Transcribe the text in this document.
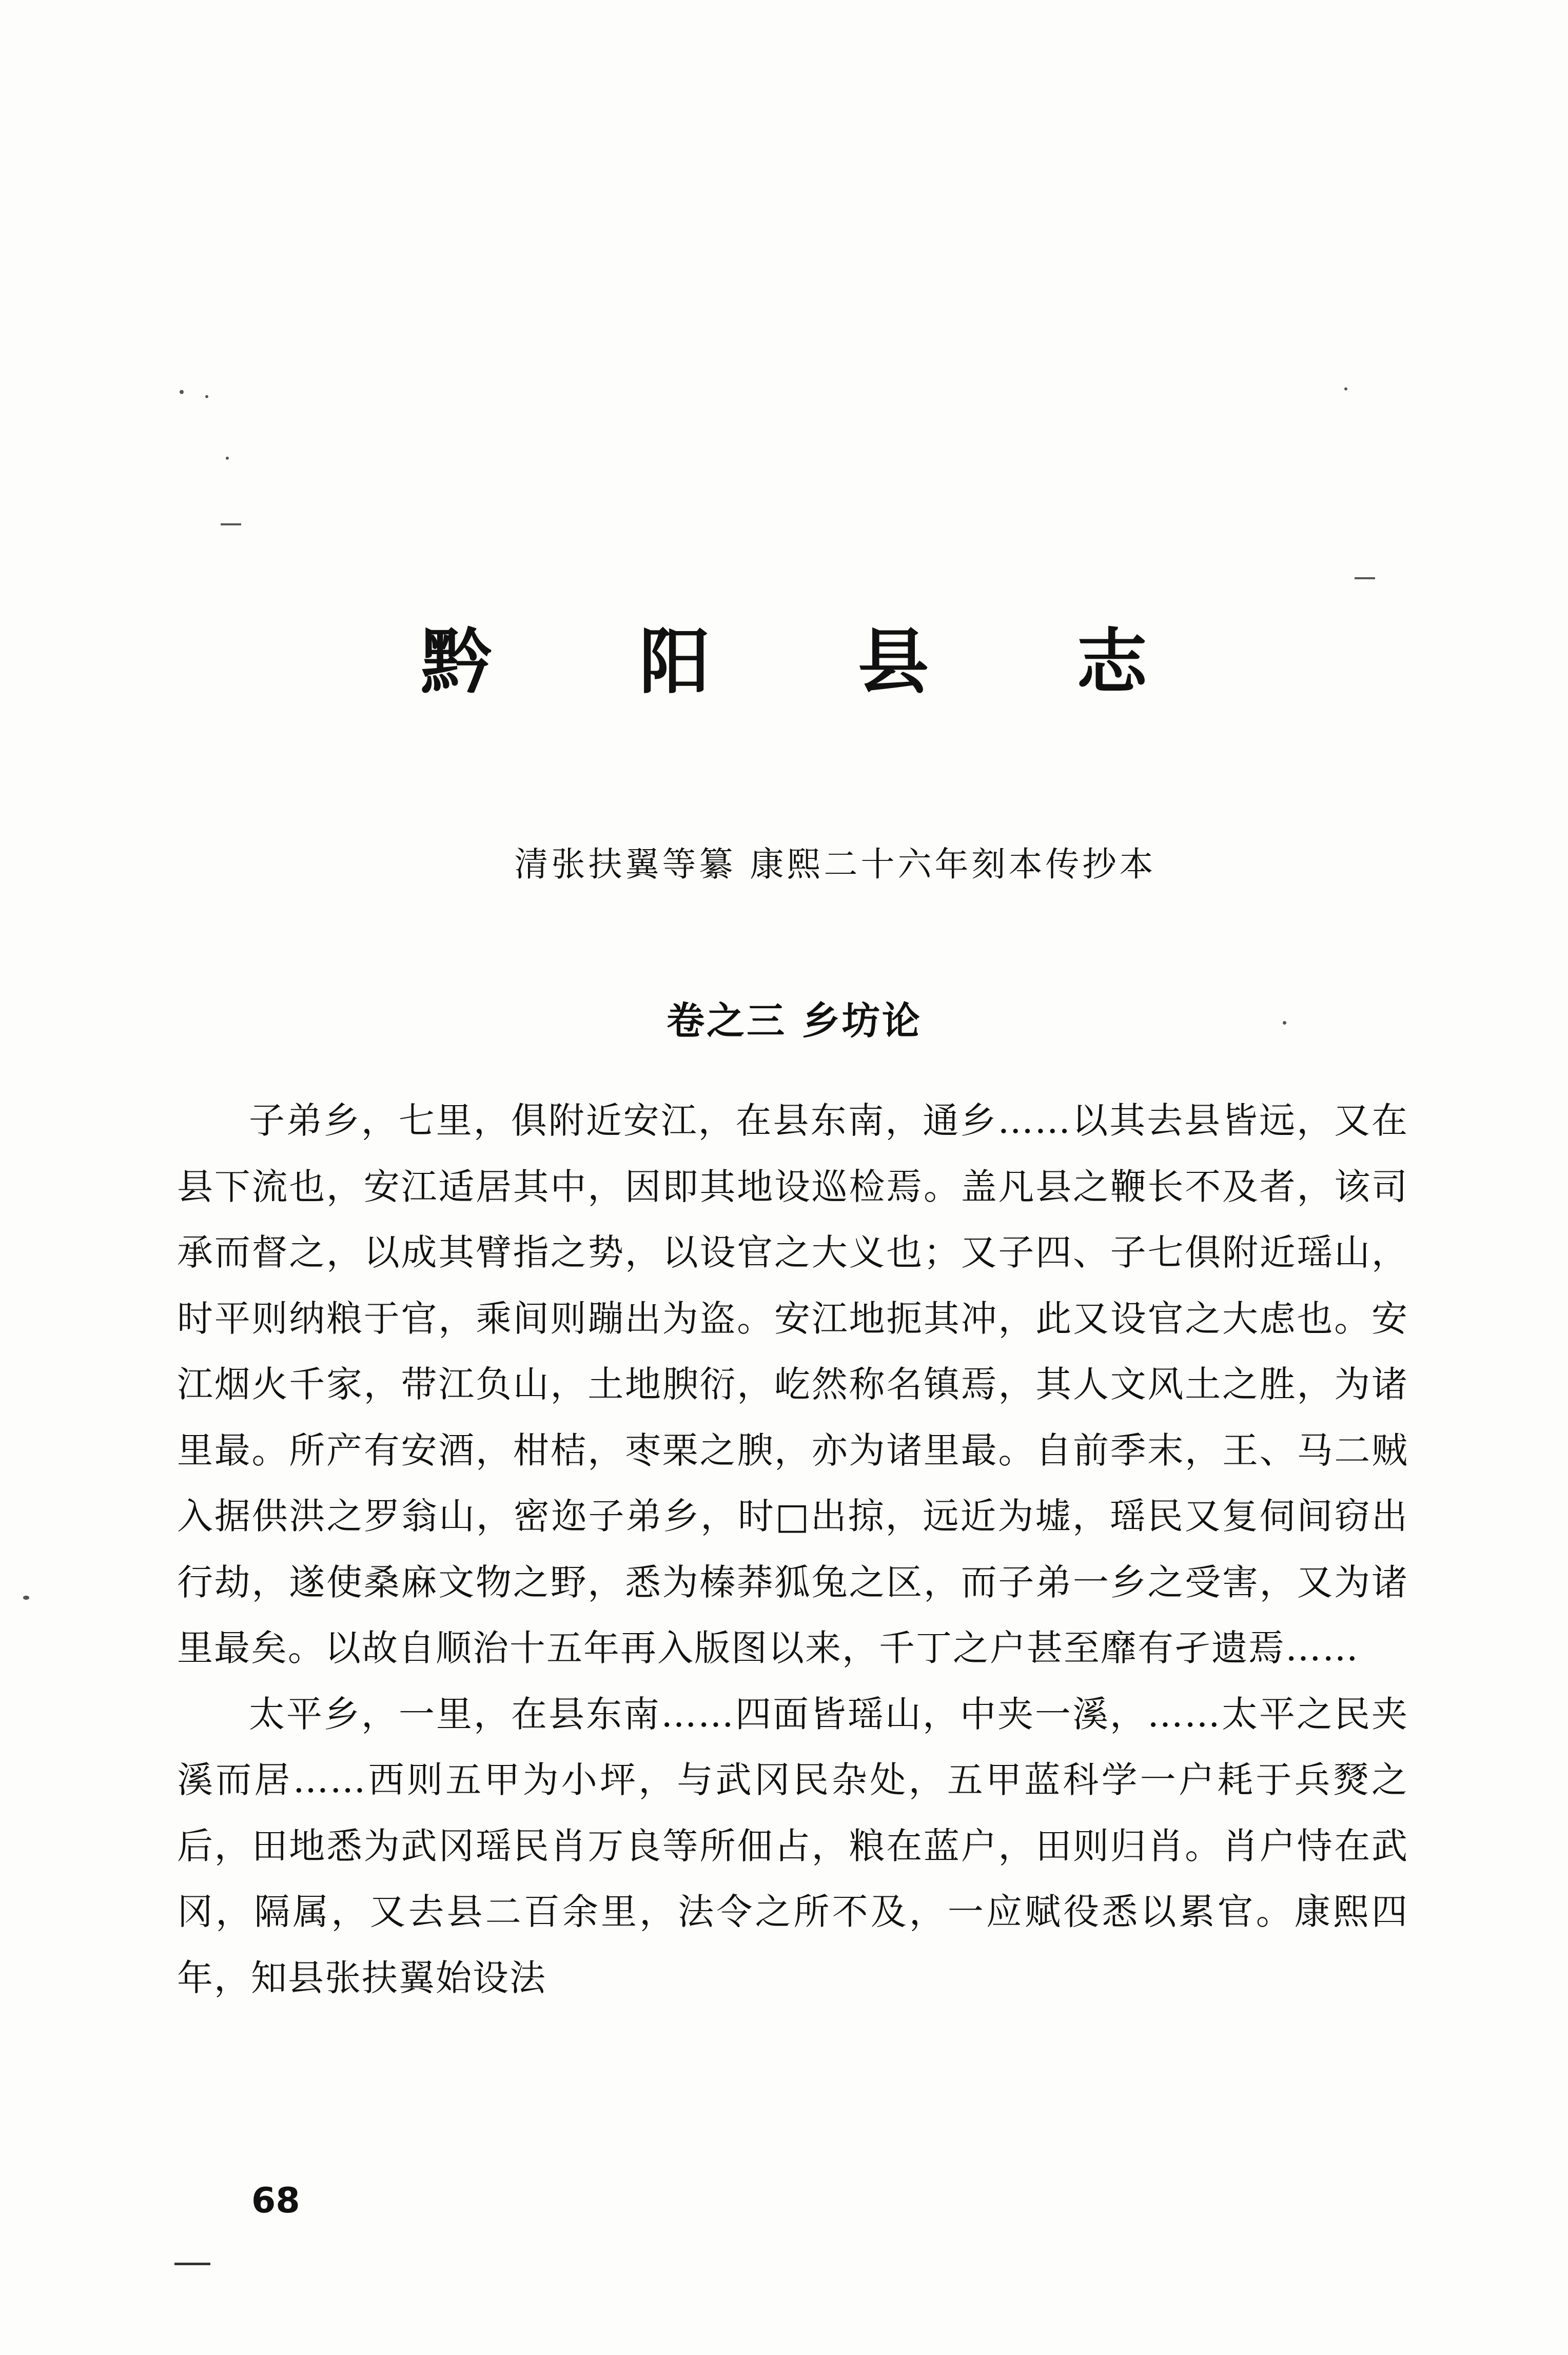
黔 阳 县 志
清张扶翼等纂 康熙二十六年刻本传抄本
卷之三 乡坊论

子弟乡，七里，俱附近安江，在县东南，通乡……以其去县皆远，又在县下流也，安江适居其中，因即其地设巡检焉。盖凡县之鞭长不及者，该司承而督之，以成其臂指之势，以设官之大义也；又子四、子七俱附近瑶山，时平则纳粮于官，乘间则蹦出为盗。安江地扼其冲，此又设官之大虑也。安江烟火千家，带江负山，土地腴衍，屹然称名镇焉，其人文风土之胜，为诸里最。所产有安酒，柑桔，枣栗之腴，亦为诸里最。自前季末，王、马二贼入据供洪之罗翁山，密迩子弟乡，时□出掠，远近为墟，瑶民又复伺间窃出行劫，遂使桑麻文物之野，悉为榛莽狐兔之区，而子弟一乡之受害，又为诸里最矣。以故自顺治十五年再入版图以来，千丁之户甚至靡有孑遗焉……

太平乡，一里，在县东南……四面皆瑶山，中夹一溪，……太平之民夹溪而居……西则五甲为小坪，与武冈民杂处，五甲蓝科学一户耗于兵燹之后，田地悉为武冈瑶民肖万良等所佃占，粮在蓝户，田则归肖。肖户恃在武冈，隔属，又去县二百余里，法令之所不及，一应赋役悉以累官。康熙四年，知县张扶翼始设法

68
